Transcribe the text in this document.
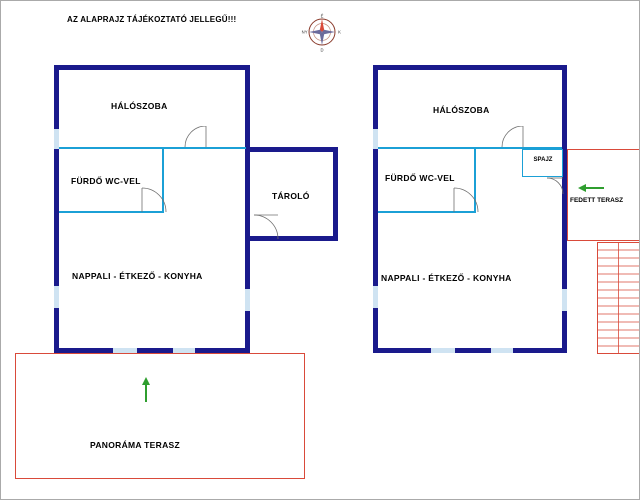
AZ ALAPRAJZ TÁJÉKOZTATÓ JELLEGŰ!!!	É
D
K
NY
HÁLÓSZOBA
FÜRDŐ WC-VEL
TÁROLÓ
NAPPALI - ÉTKEZŐ - KONYHA
SPAJZ
HÁLÓSZOBA
FÜRDŐ WC-VEL
NAPPALI - ÉTKEZŐ - KONYHA
FEDETT TERASZ
PANORÁMA TERASZ
